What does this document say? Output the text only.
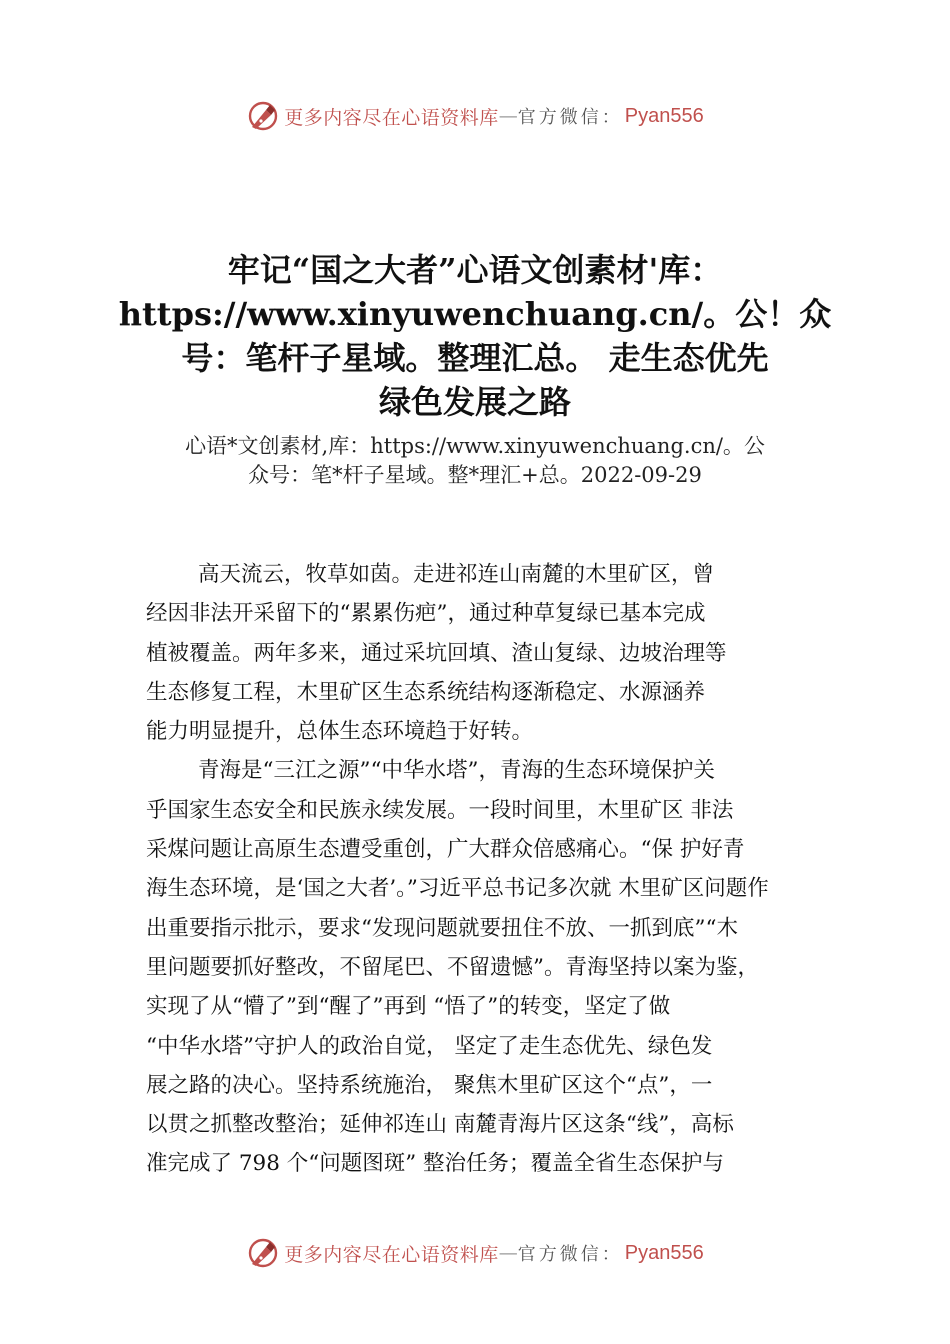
更多内容尽在心语资料库 — 官方微信： Pyan556
牢记“国之大者”心语文创素材'库：
https://www.xinyuwenchuang.cn/。公！众
号：笔杆子星域。整理汇总。 走生态优先
绿色发展之路
心语*文创素材,库：https://www.xinyuwenchuang.cn/。公
众号：笔*杆子星域。整*理汇+总。2022-09-29
高天流云，牧草如茵。走进祁连山南麓的木里矿区，曾
经因非法开采留下的“累累伤疤”，通过种草复绿已基本完成
植被覆盖。两年多来，通过采坑回填、渣山复绿、边坡治理等
生态修复工程，木里矿区生态系统结构逐渐稳定、水源涵养
能力明显提升，总体生态环境趋于好转。
青海是“三江之源”“中华水塔”，青海的生态环境保护关
乎国家生态安全和民族永续发展。一段时间里，木里矿区 非法
采煤问题让高原生态遭受重创，广大群众倍感痛心。“保 护好青
海生态环境，是‘国之大者’。”习近平总书记多次就 木里矿区问题作
出重要指示批示，要求“发现问题就要扭住不放、一抓到底”“木
里问题要抓好整改，不留尾巴、不留遗憾”。青海坚持以案为鉴，
实现了从“懵了”到“醒了”再到 “悟了”的转变，坚定了做
“中华水塔”守护人的政治自觉， 坚定了走生态优先、绿色发
展之路的决心。坚持系统施治， 聚焦木里矿区这个“点”，一
以贯之抓整改整治；延伸祁连山 南麓青海片区这条“线”，高标
准完成了 798 个“问题图斑” 整治任务；覆盖全省生态保护与
更多内容尽在心语资料库 — 官方微信： Pyan556
